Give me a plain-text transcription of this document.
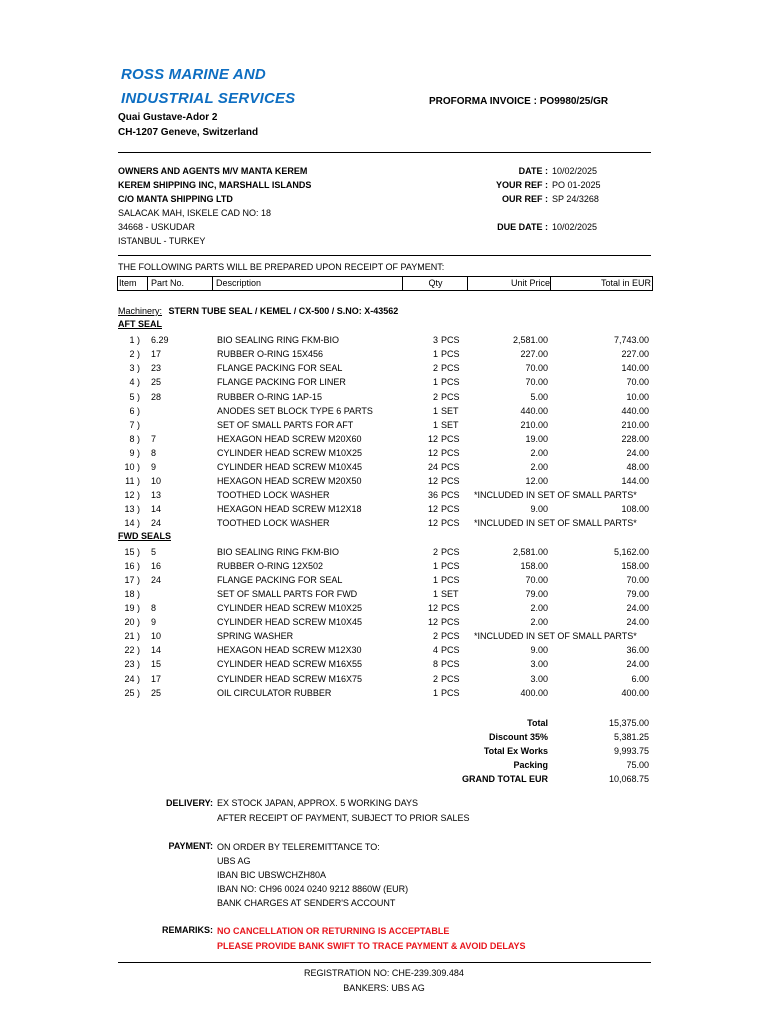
ROSS MARINE AND
INDUSTRIAL SERVICES
Quai Gustave-Ador 2
CH-1207 Geneve, Switzerland
PROFORMA INVOICE : PO9980/25/GR
OWNERS AND AGENTS M/V MANTA KEREM
KEREM SHIPPING INC, MARSHALL ISLANDS
C/O MANTA SHIPPING LTD
SALACAK MAH, ISKELE CAD NO: 18
34668 - USKUDAR
ISTANBUL - TURKEY
DATE : 10/02/2025
YOUR REF : PO 01-2025
OUR REF : SP 24/3268
DUE DATE : 10/02/2025
THE FOLLOWING PARTS WILL BE PREPARED UPON RECEIPT OF PAYMENT:
Item	Part No.	Description	Qty	Unit Price	Total in EUR
Machinery: STERN TUBE SEAL / KEMEL / CX-500 / S.NO: X-43562
AFT SEAL
1 ) 6.29	BIO SEALING RING FKM-BIO	3 PCS	2,581.00	7,743.00
2 ) 17	RUBBER O-RING 15X456	1 PCS	227.00	227.00
3 ) 23	FLANGE PACKING FOR SEAL	2 PCS	70.00	140.00
4 ) 25	FLANGE PACKING FOR LINER	1 PCS	70.00	70.00
5 ) 28	RUBBER O-RING 1AP-15	2 PCS	5.00	10.00
6 )	ANODES SET BLOCK TYPE 6 PARTS	1 SET	440.00	440.00
7 )	SET OF SMALL PARTS FOR AFT	1 SET	210.00	210.00
8 ) 7	HEXAGON HEAD SCREW M20X60	12 PCS	19.00	228.00
9 ) 8	CYLINDER HEAD SCREW M10X25	12 PCS	2.00	24.00
10 ) 9	CYLINDER HEAD SCREW M10X45	24 PCS	2.00	48.00
11 ) 10	HEXAGON HEAD SCREW M20X50	12 PCS	12.00	144.00
12 ) 13	TOOTHED LOCK WASHER	36 PCS *INCLUDED IN SET OF SMALL PARTS*
13 ) 14	HEXAGON HEAD SCREW M12X18	12 PCS	9.00	108.00
14 ) 24	TOOTHED LOCK WASHER	12 PCS *INCLUDED IN SET OF SMALL PARTS*
FWD SEALS
15 ) 5	BIO SEALING RING FKM-BIO	2 PCS	2,581.00	5,162.00
16 ) 16	RUBBER O-RING 12X502	1 PCS	158.00	158.00
17 ) 24	FLANGE PACKING FOR SEAL	1 PCS	70.00	70.00
18 )	SET OF SMALL PARTS FOR FWD	1 SET	79.00	79.00
19 ) 8	CYLINDER HEAD SCREW M10X25	12 PCS	2.00	24.00
20 ) 9	CYLINDER HEAD SCREW M10X45	12 PCS	2.00	24.00
21 ) 10	SPRING WASHER	2 PCS *INCLUDED IN SET OF SMALL PARTS*
22 ) 14	HEXAGON HEAD SCREW M12X30	4 PCS	9.00	36.00
23 ) 15	CYLINDER HEAD SCREW M16X55	8 PCS	3.00	24.00
24 ) 17	CYLINDER HEAD SCREW M16X75	2 PCS	3.00	6.00
25 ) 25	OIL CIRCULATOR RUBBER	1 PCS	400.00	400.00
Total	15,375.00
Discount 35%	5,381.25
Total Ex Works	9,993.75
Packing	75.00
GRAND TOTAL EUR	10,068.75
DELIVERY: EX STOCK JAPAN, APPROX. 5 WORKING DAYS
AFTER RECEIPT OF PAYMENT, SUBJECT TO PRIOR SALES
PAYMENT: ON ORDER BY TELEREMITTANCE TO:
UBS AG
IBAN BIC UBSWCHZH80A
IBAN NO: CH96 0024 0240 9212 8860W (EUR)
BANK CHARGES AT SENDER'S ACCOUNT
REMARIKS: NO CANCELLATION OR RETURNING IS ACCEPTABLE
PLEASE PROVIDE BANK SWIFT TO TRACE PAYMENT & AVOID DELAYS
REGISTRATION NO: CHE-239.309.484
BANKERS: UBS AG
